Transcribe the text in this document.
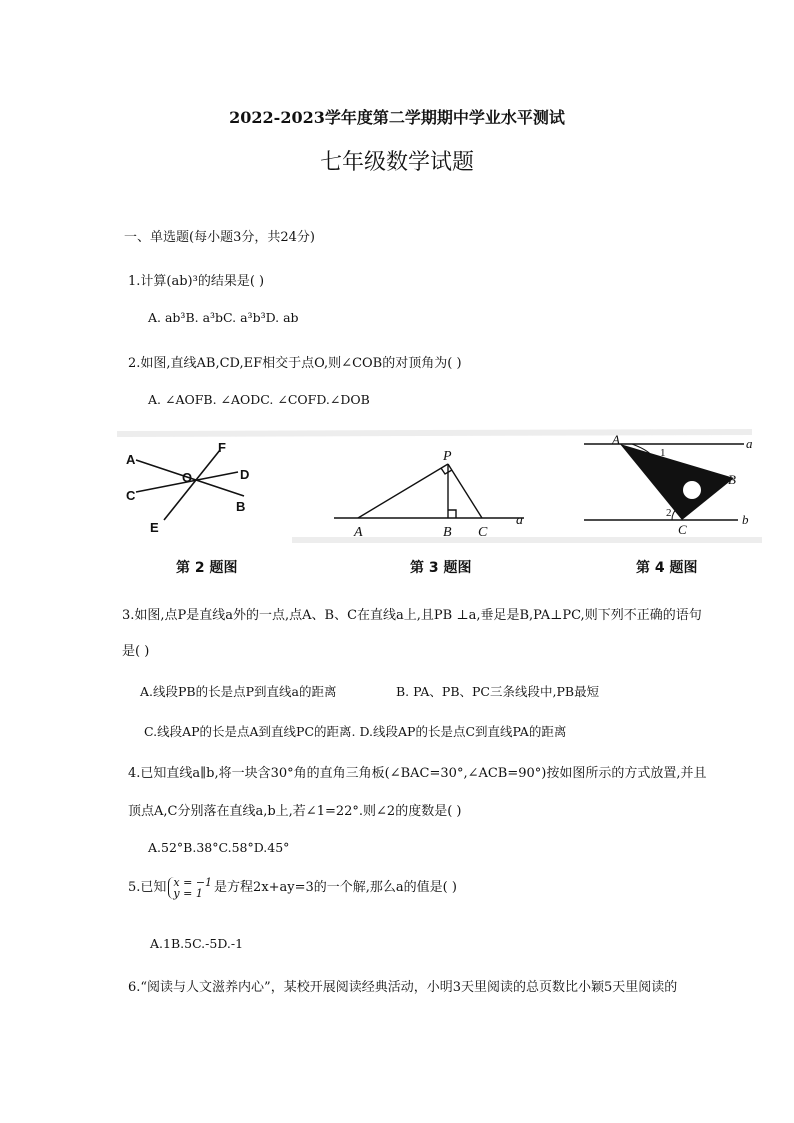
2022-2023学年度第二学期期中学业水平测试
七年级数学试题
一、单选题(每小题3分，共24分)
1.计算(ab)³的结果是( )
A. ab³B. a³bC. a³b³D. ab
2.如图,直线AB,CD,EF相交于点O,则∠COB的对顶角为( )
A. ∠AOFB. ∠AODC. ∠COFD.∠DOB
A
F
O	D
C
B
E
第 2 题图
P
A	B C
a
第 3 题图
A
1
B
2
C
a
b
第 4 题图
3.如图,点P是直线a外的一点,点A、B、C在直线a上,且PB ⊥a,垂足是B,PA⊥PC,则下列不正确的语句
是( )
A.线段PB的长是点P到直线a的距离	B. PA、PB、PC三条线段中,PB最短
C.线段AP的长是点A到直线PC的距离. D.线段AP的长是点C到直线PA的距离
4.已知直线a∥b,将一块含30°角的直角三角板(∠BAC=30°,∠ACB=90°)按如图所示的方式放置,并且
顶点A,C分别落在直线a,b上,若∠1=22°.则∠2的度数是( )
A.52°B.38°C.58°D.45°
5.已知 x = −1
y = 1 是方程2x+ay=3的一个解,那么a的值是( )
A.1B.5C.-5D.-1
6.“阅读与人文滋养内心”，某校开展阅读经典活动，小明3天里阅读的总页数比小颖5天里阅读的
